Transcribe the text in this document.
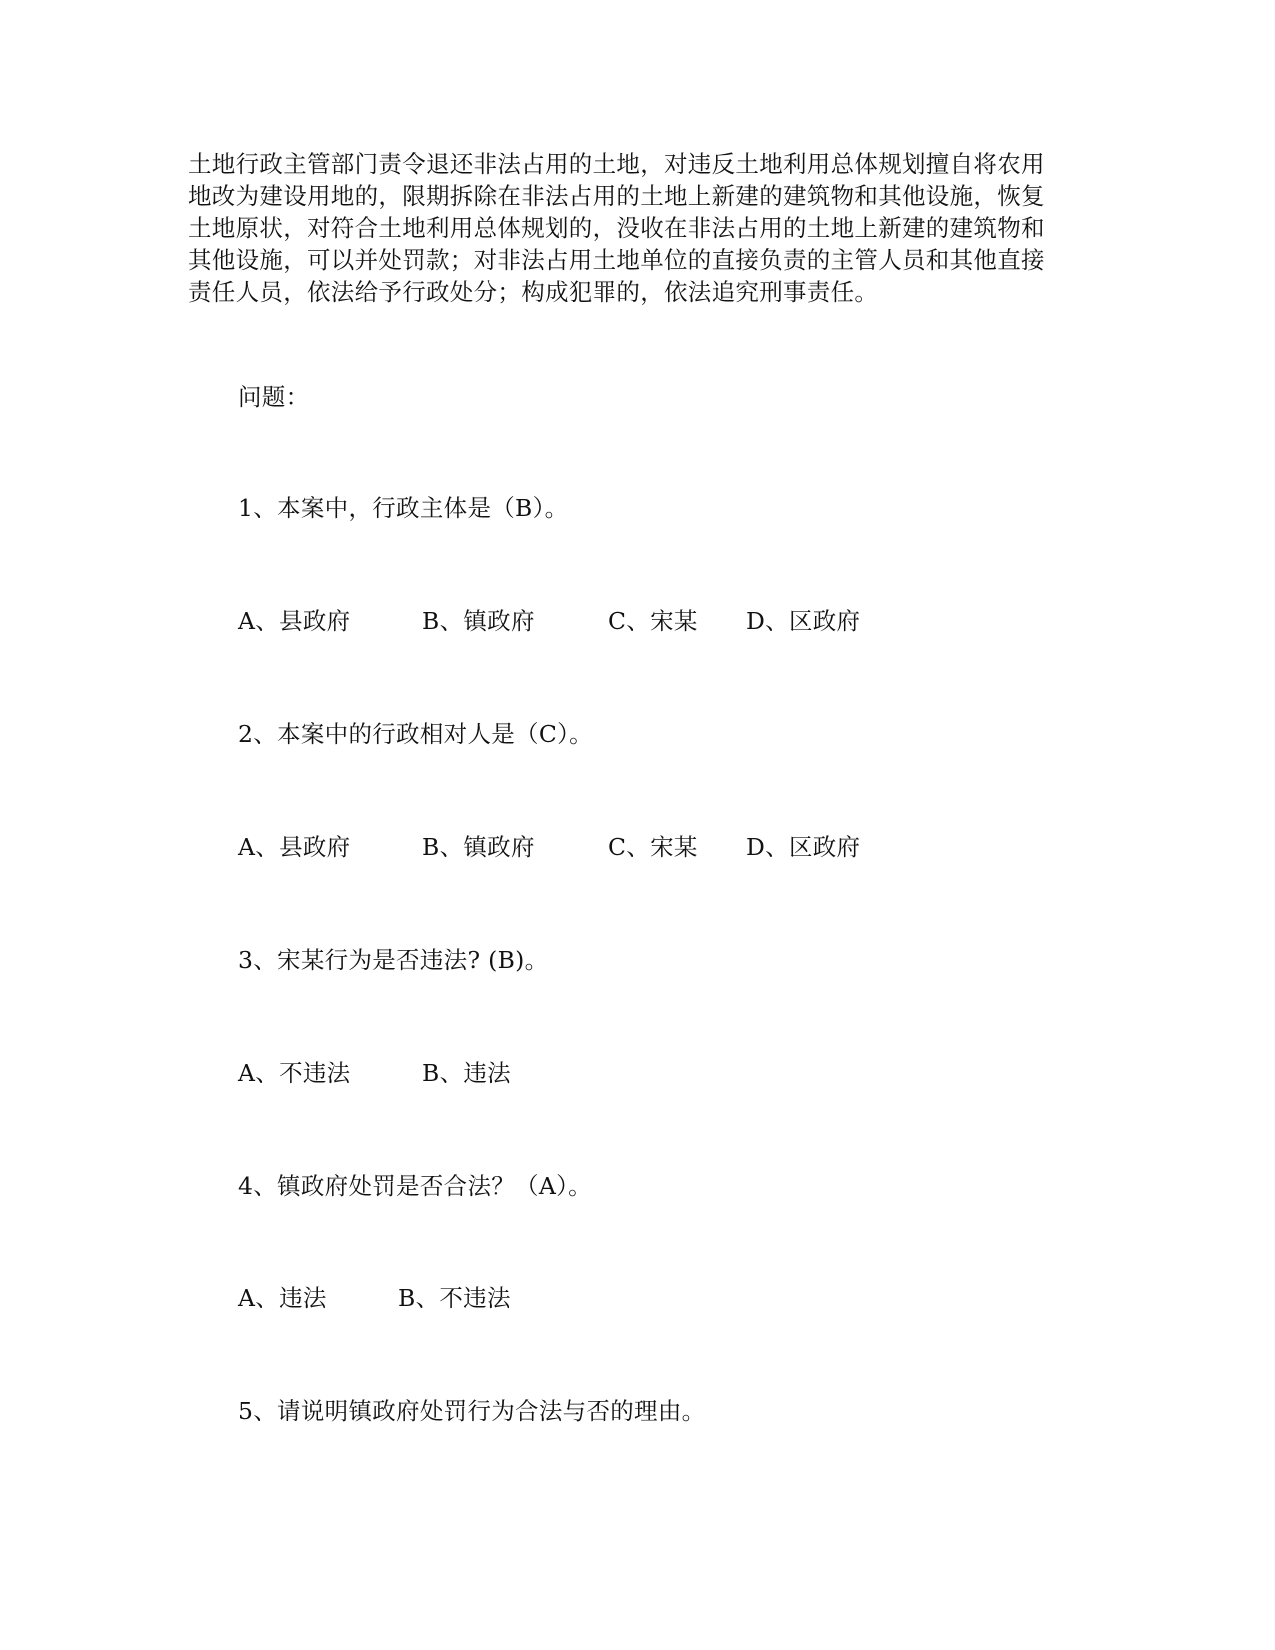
土地行政主管部门责令退还非法占用的土地，对违反土地利用总体规划擅自将农用
地改为建设用地的，限期拆除在非法占用的土地上新建的建筑物和其他设施，恢复
土地原状，对符合土地利用总体规划的，没收在非法占用的土地上新建的建筑物和
其他设施，可以并处罚款；对非法占用土地单位的直接负责的主管人员和其他直接
责任人员，依法给予行政处分；构成犯罪的，依法追究刑事责任。
问题：
1、本案中，行政主体是（B）。
A、县政府	B、镇政府	C、宋某 D、区政府
2、本案中的行政相对人是（C）。
A、县政府	B、镇政府	C、宋某 D、区政府
3、宋某行为是否违法? (B)。
A、不违法	B、违法
4、镇政府处罚是否合法？（A）。
A、违法	B、不违法
5、请说明镇政府处罚行为合法与否的理由。
